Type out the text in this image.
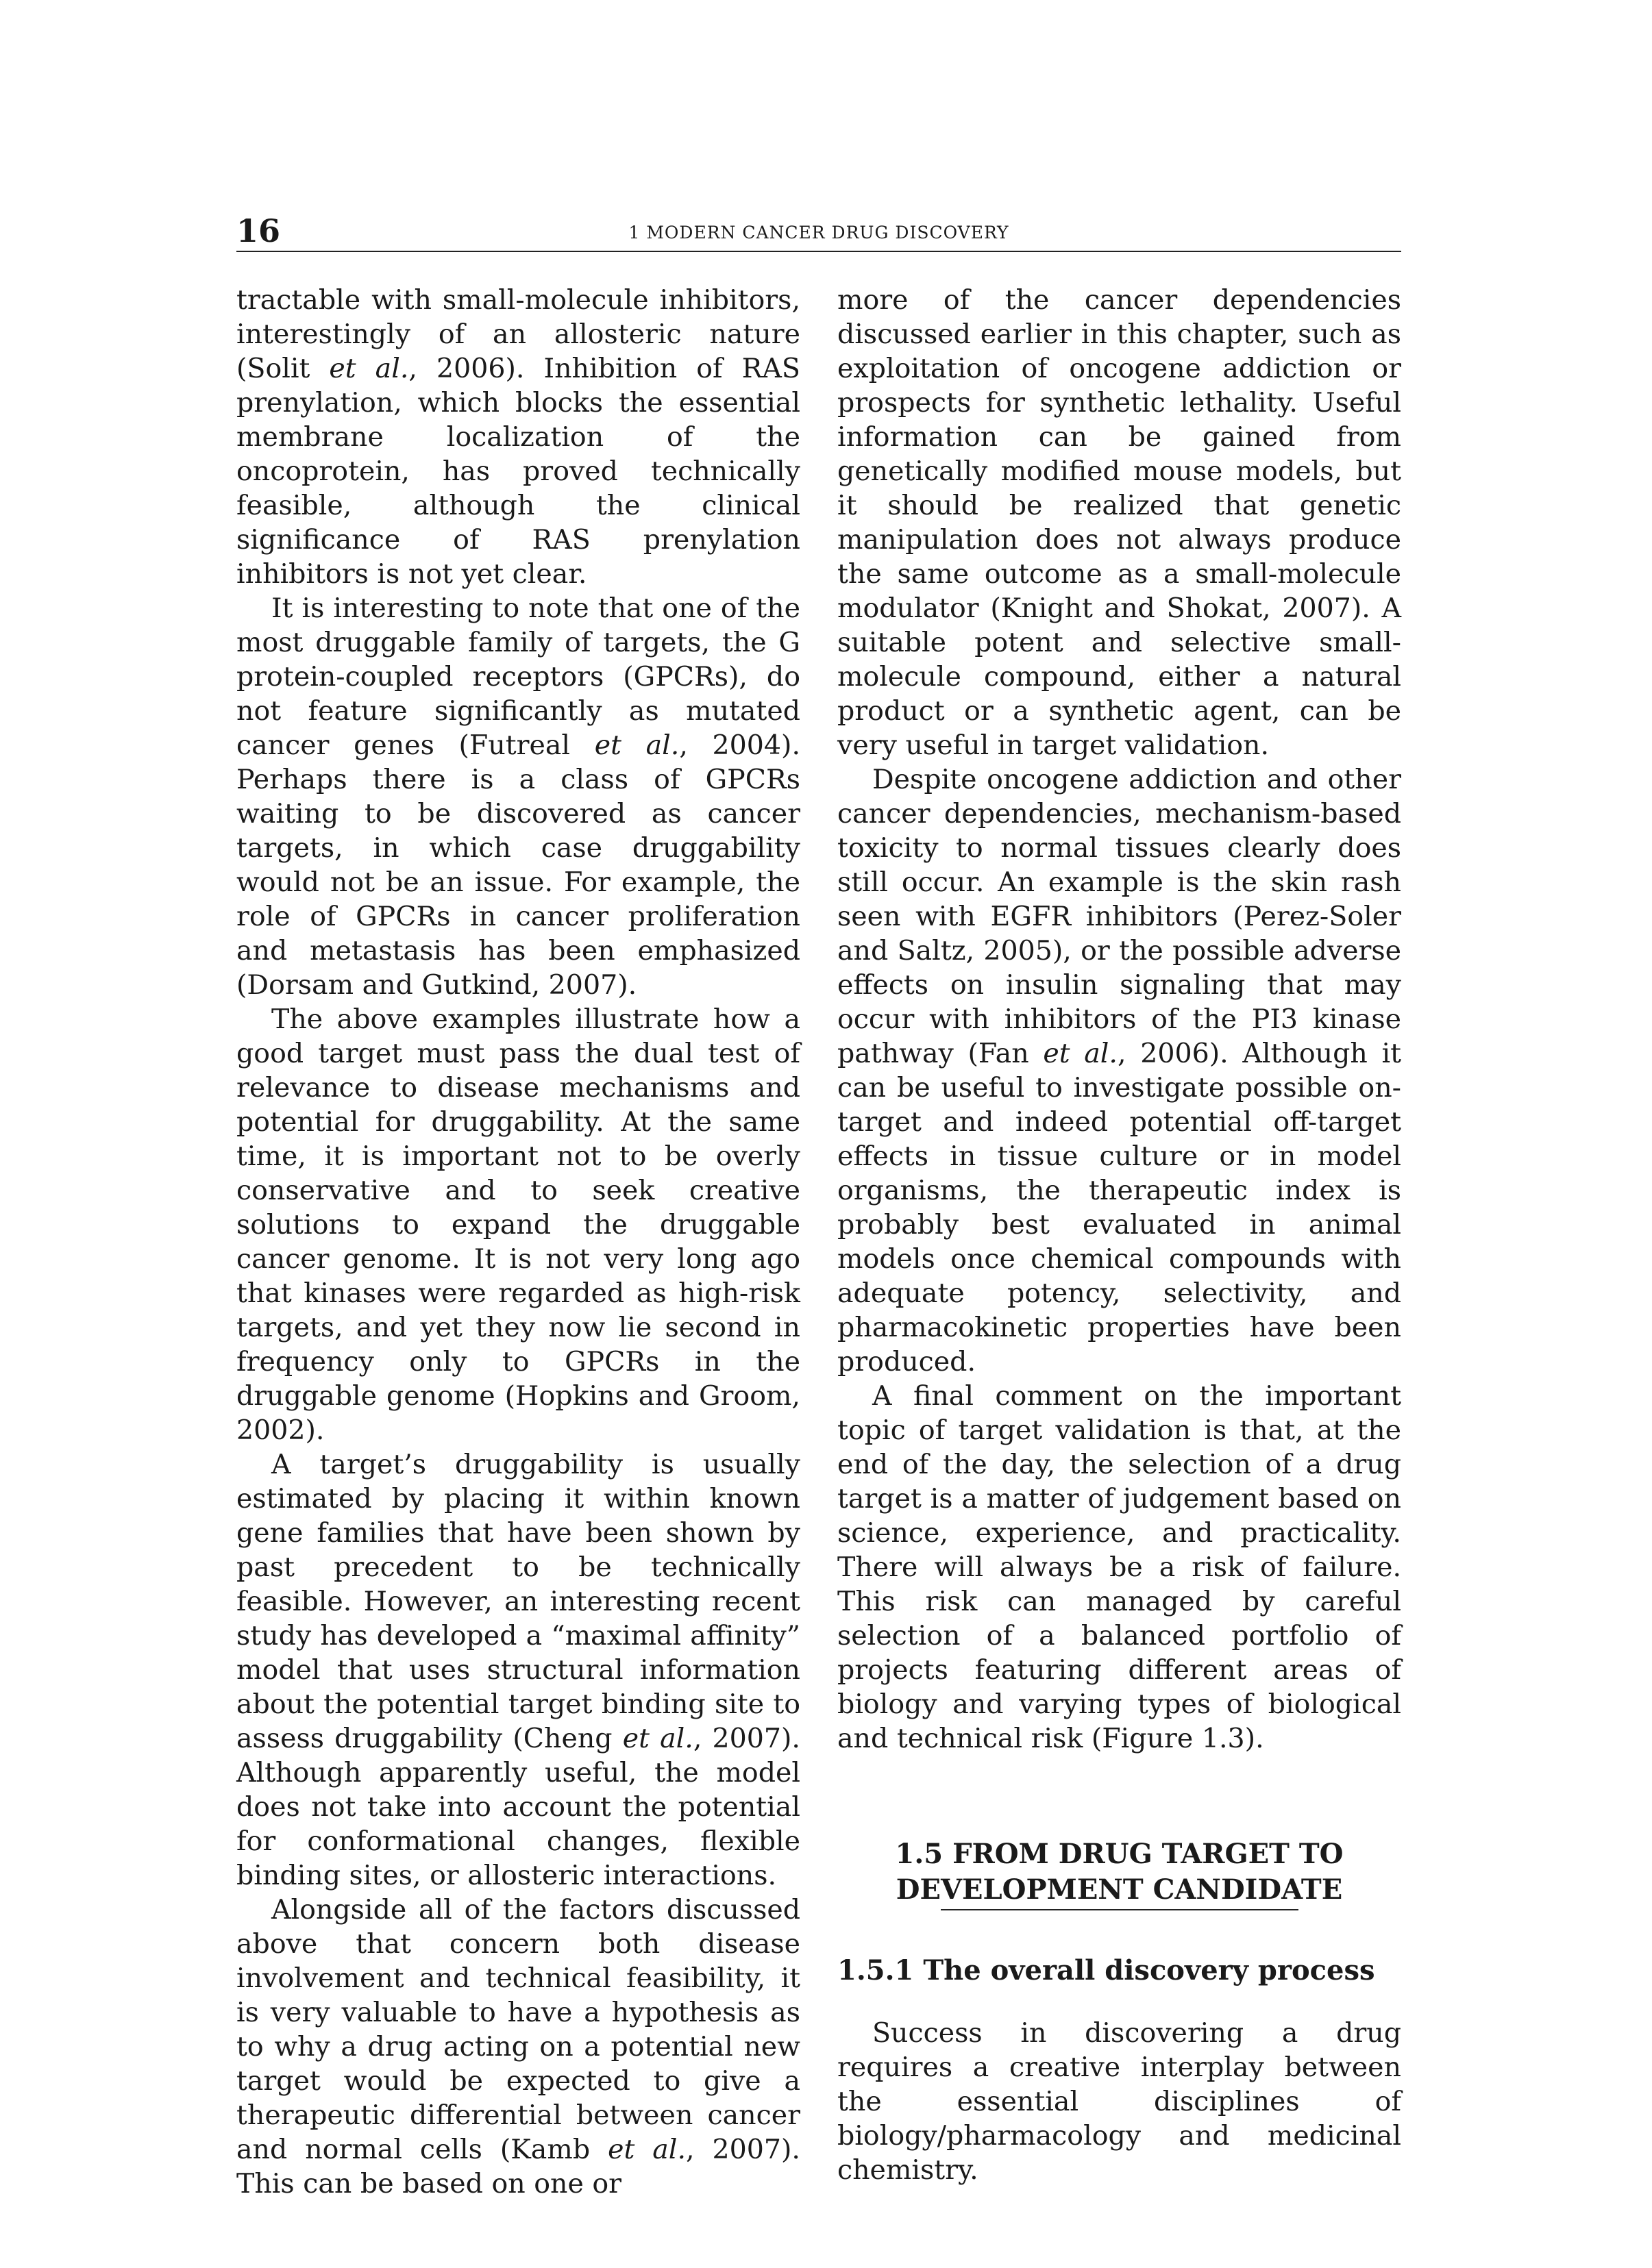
16	1 MODERN CANCER DRUG DISCOVERY

tractable with small-molecule inhibitors, interestingly of an allosteric nature (Solit et al., 2006). Inhibition of RAS prenylation, which blocks the essential membrane localization of the oncoprotein, has proved technically feasible, although the clinical significance of RAS prenylation inhibitors is not yet clear.

It is interesting to note that one of the most druggable family of targets, the G protein-coupled receptors (GPCRs), do not feature significantly as mutated cancer genes (Futreal et al., 2004). Perhaps there is a class of GPCRs waiting to be discovered as cancer targets, in which case druggability would not be an issue. For example, the role of GPCRs in cancer proliferation and metastasis has been emphasized (Dorsam and Gutkind, 2007).

The above examples illustrate how a good target must pass the dual test of relevance to disease mechanisms and potential for druggability. At the same time, it is important not to be overly conservative and to seek creative solutions to expand the druggable cancer genome. It is not very long ago that kinases were regarded as high-risk targets, and yet they now lie second in frequency only to GPCRs in the druggable genome (Hopkins and Groom, 2002).

A target’s druggability is usually estimated by placing it within known gene families that have been shown by past precedent to be technically feasible. However, an interesting recent study has developed a “maximal affinity” model that uses structural information about the potential target binding site to assess druggability (Cheng et al., 2007). Although apparently useful, the model does not take into account the potential for conformational changes, flexible binding sites, or allosteric interactions.

Alongside all of the factors discussed above that concern both disease involvement and technical feasibility, it is very valuable to have a hypothesis as to why a drug acting on a potential new target would be expected to give a therapeutic differential between cancer and normal cells (Kamb et al., 2007). This can be based on one or

more of the cancer dependencies discussed earlier in this chapter, such as exploitation of oncogene addiction or prospects for synthetic lethality. Useful information can be gained from genetically modified mouse models, but it should be realized that genetic manipulation does not always produce the same outcome as a small-molecule modulator (Knight and Shokat, 2007). A suitable potent and selective small-molecule compound, either a natural product or a synthetic agent, can be very useful in target validation.

Despite oncogene addiction and other cancer dependencies, mechanism-based toxicity to normal tissues clearly does still occur. An example is the skin rash seen with EGFR inhibitors (Perez-Soler and Saltz, 2005), or the possible adverse effects on insulin signaling that may occur with inhibitors of the PI3 kinase pathway (Fan et al., 2006). Although it can be useful to investigate possible on-target and indeed potential off-target effects in tissue culture or in model organisms, the therapeutic index is probably best evaluated in animal models once chemical compounds with adequate potency, selectivity, and pharmacokinetic properties have been produced.

A final comment on the important topic of target validation is that, at the end of the day, the selection of a drug target is a matter of judgement based on science, experience, and practicality. There will always be a risk of failure. This risk can managed by careful selection of a balanced portfolio of projects featuring different areas of biology and varying types of biological and technical risk (Figure 1.3).

1.5 FROM DRUG TARGET TO
DEVELOPMENT CANDIDATE
1.5.1 The overall discovery process

Success in discovering a drug requires a creative interplay between the essential disciplines of biology/pharmacology and medicinal chemistry.
